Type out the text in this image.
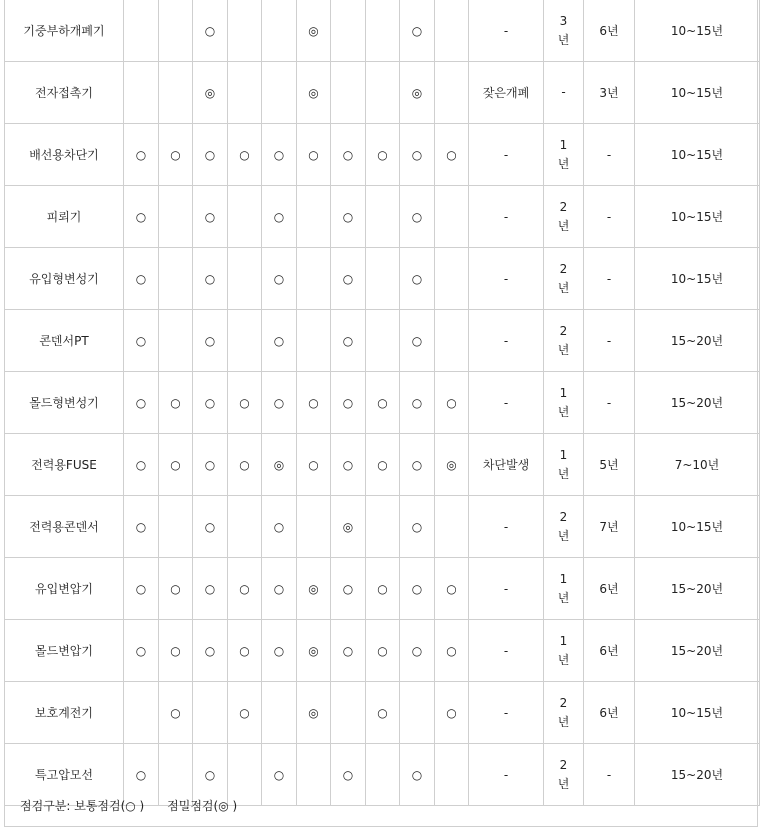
기중부하개폐기			○			◎			○		-	3년	6년	10~15년
전자접촉기			◎			◎			◎		잦은개폐	-	3년	10~15년
배선용차단기	○	○	○	○	○	○	○	○	○	○	-	1년	-	10~15년
피뢰기	○		○		○		○		○		-	2년	-	10~15년
유입형변성기	○		○		○		○		○		-	2년	-	10~15년
콘덴서PT	○		○		○		○		○		-	2년	-	15~20년
몰드형변성기	○	○	○	○	○	○	○	○	○	○	-	1년	-	15~20년
전력용FUSE	○	○	○	○	◎	○	○	○	○	◎	차단발생	1년	5년	7~10년
전력용콘덴서	○		○		○		◎		○		-	2년	7년	10~15년
유입변압기	○	○	○	○	○	◎	○	○	○	○	-	1년	6년	15~20년
몰드변압기	○	○	○	○	○	◎	○	○	○	○	-	1년	6년	15~20년
보호계전기		○		○		◎		○		○	-	2년	6년	10~15년
특고압모선	○		○		○		○		○		-	2년	-	15~20년
점검구분: 보통점검(○ ) 점밀점검(◎ )
